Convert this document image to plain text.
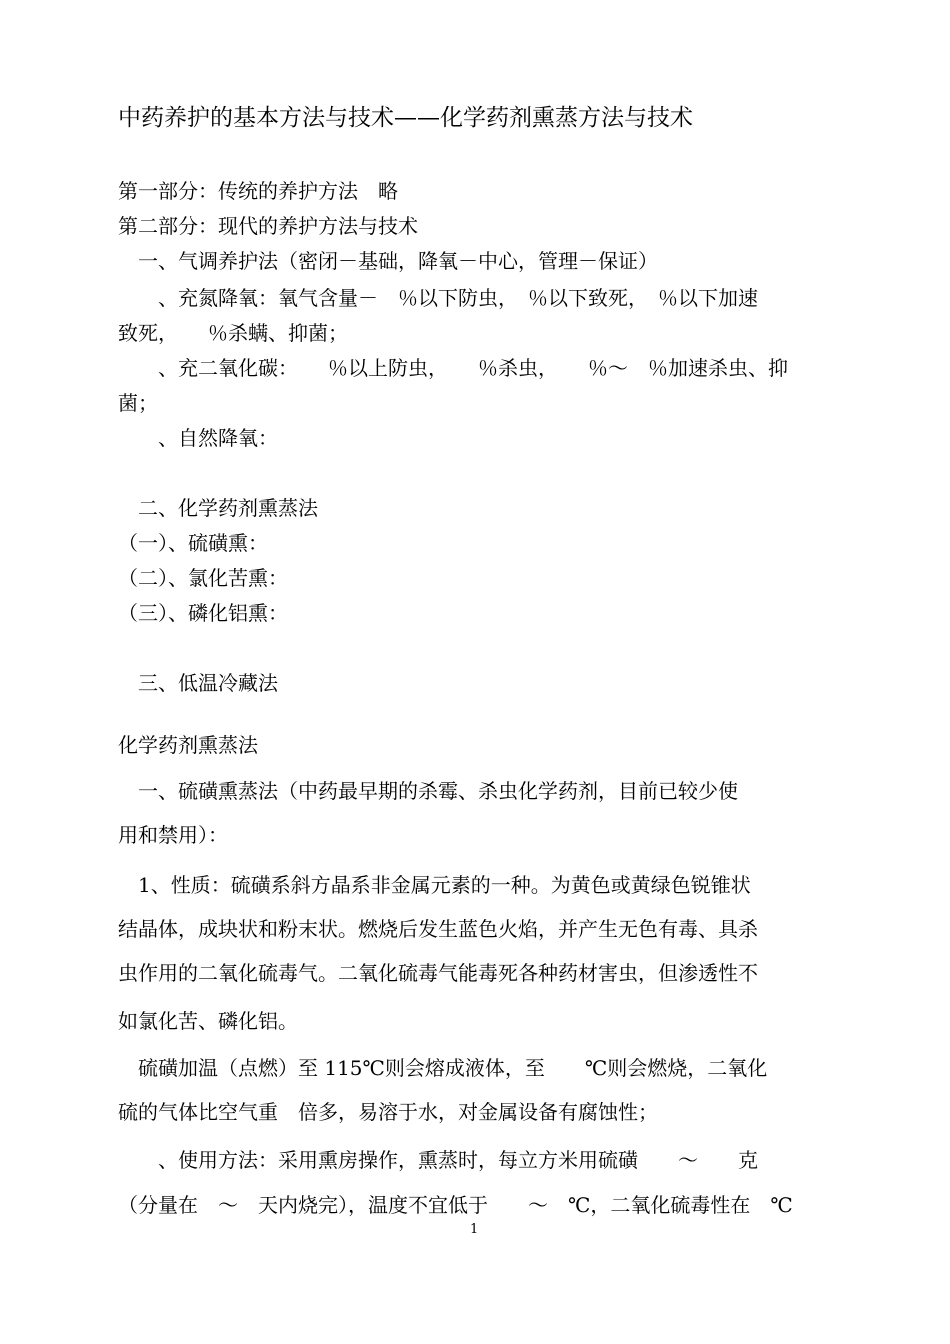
中药养护的基本方法与技术——化学药剂熏蒸方法与技术
第一部分：传统的养护方法　略
第二部分：现代的养护方法与技术
　一、气调养护法（密闭－基础，降氧－中心，管理－保证）
　　、充氮降氧：氧气含量－　％以下防虫，　％以下致死，　％以下加速
致死，　　％杀螨、抑菌；
　　、充二氧化碳：　　％以上防虫，　　％杀虫，　　％～　％加速杀虫、抑
菌；
　　、自然降氧：
　二、化学药剂熏蒸法
（一）、硫磺熏：
（二）、氯化苦熏：
（三）、磷化铝熏：
　三、低温冷藏法
化学药剂熏蒸法
　一、硫磺熏蒸法（中药最早期的杀霉、杀虫化学药剂，目前已较少使
用和禁用）：
　1、性质：硫磺系斜方晶系非金属元素的一种。为黄色或黄绿色锐锥状
结晶体，成块状和粉末状。燃烧后发生蓝色火焰，并产生无色有毒、具杀
虫作用的二氧化硫毒气。二氧化硫毒气能毒死各种药材害虫，但渗透性不
如氯化苦、磷化铝。
　硫磺加温（点燃）至 115℃则会熔成液体，至　　℃则会燃烧，二氧化
硫的气体比空气重　倍多，易溶于水，对金属设备有腐蚀性；
　　、使用方法：采用熏房操作，熏蒸时，每立方米用硫磺　　～　　克
（分量在　～　天内烧完），温度不宜低于　　～　℃，二氧化硫毒性在　℃
1
